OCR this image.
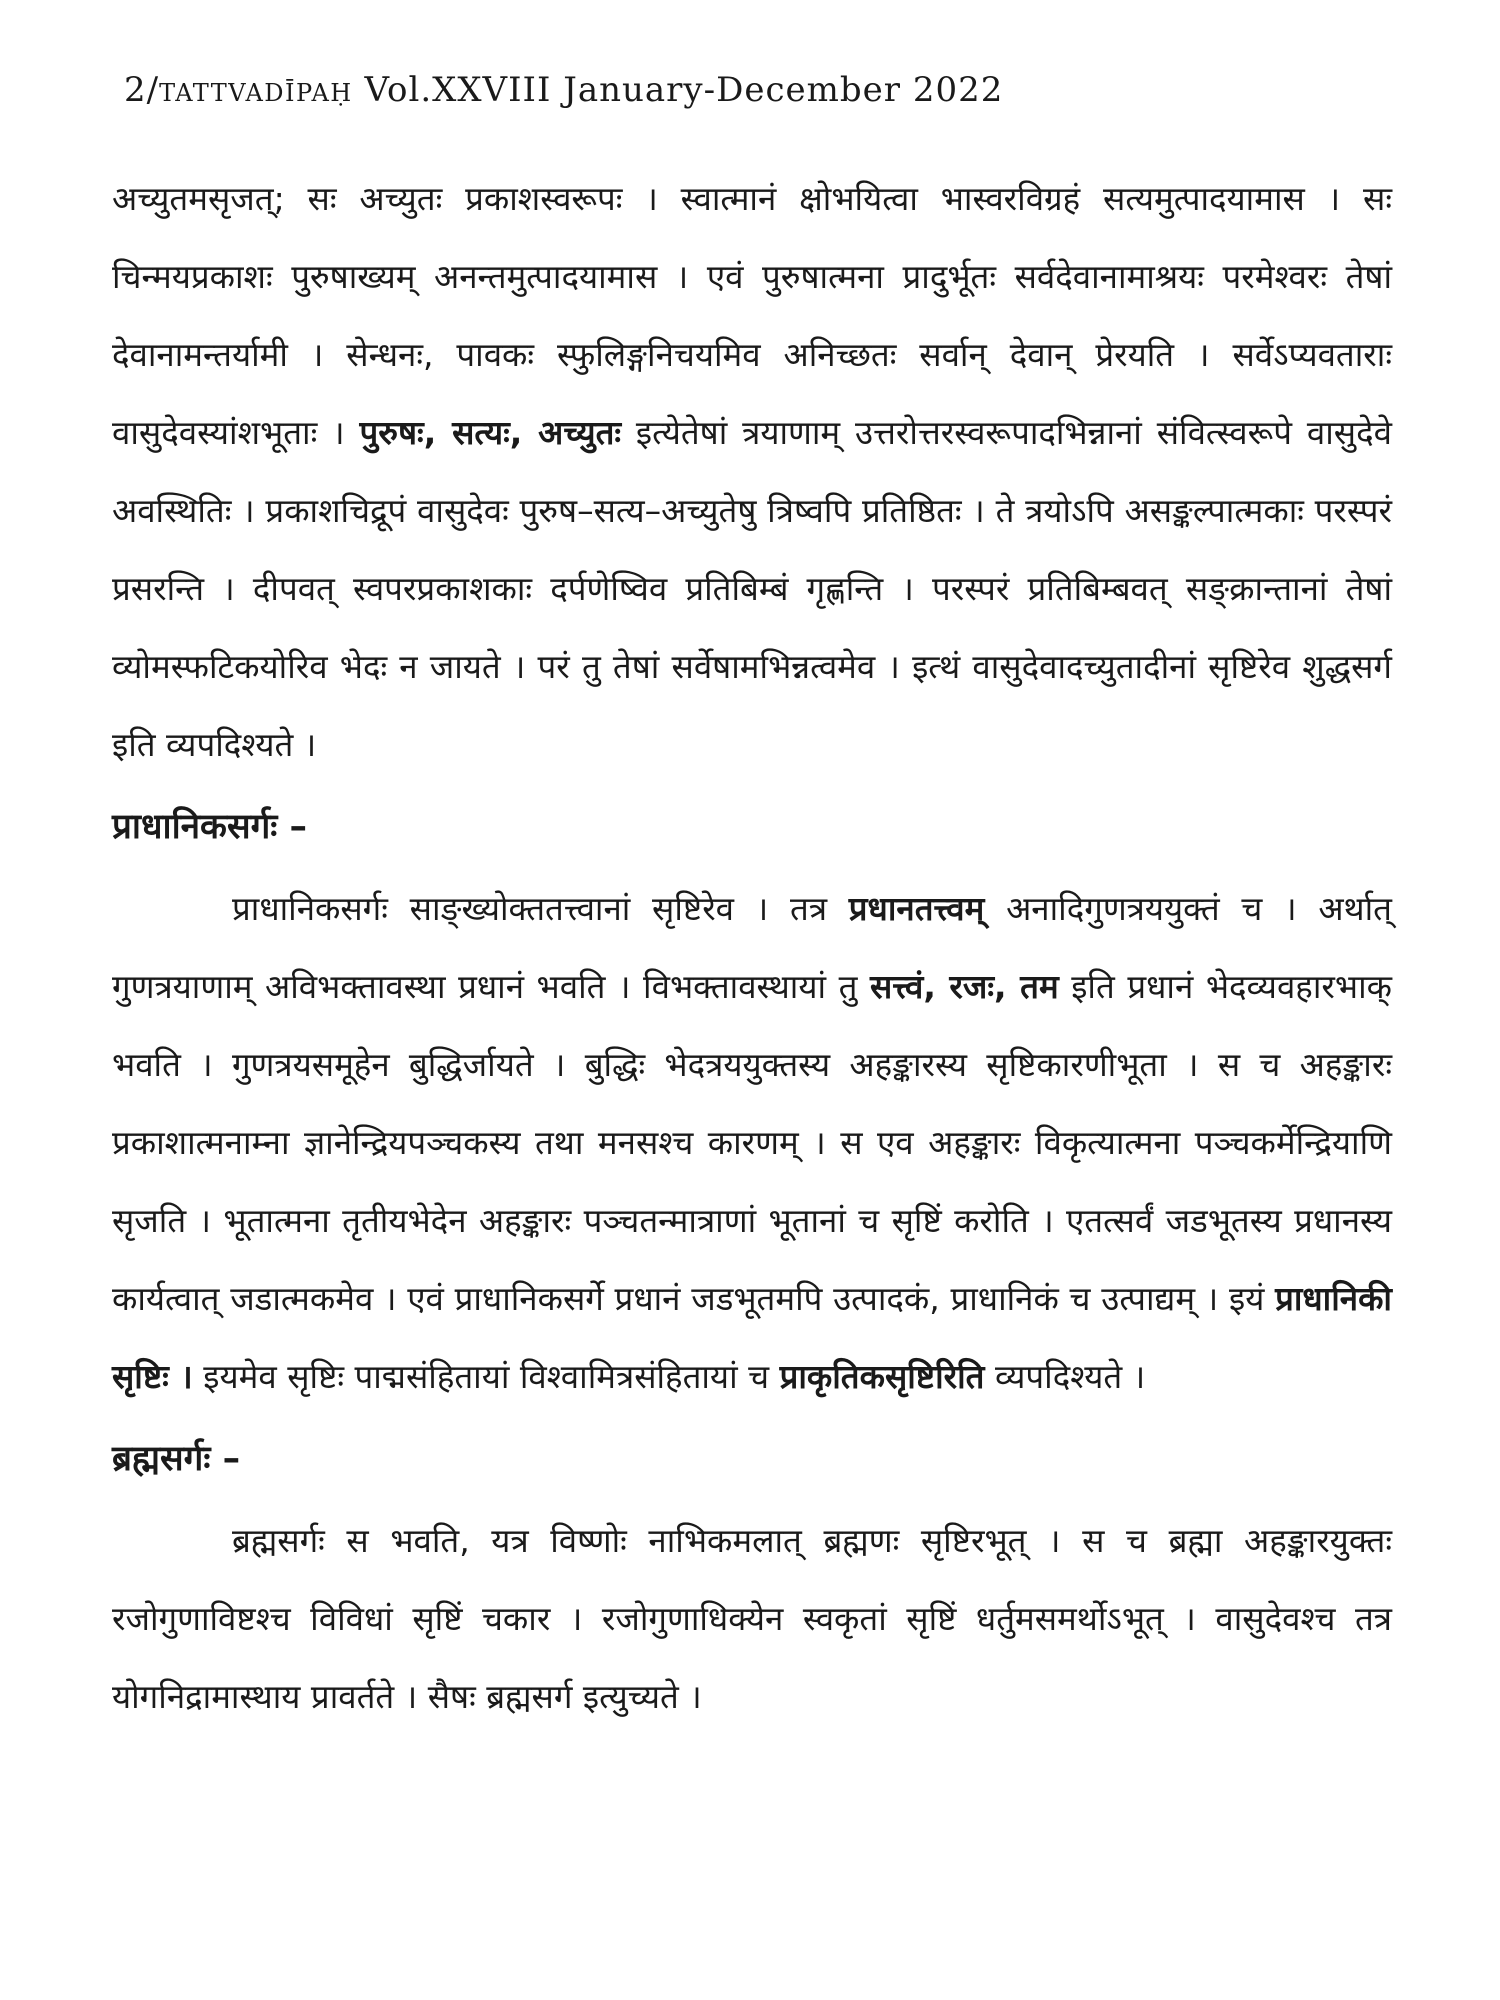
2/TATTVADĪPAḤ Vol.XXVIII January-December 2022

अच्युतमसृजत्; सः अच्युतः प्रकाशस्वरूपः । स्वात्मानं क्षोभयित्वा भास्वरविग्रहं सत्यमुत्पादयामास । सः चिन्मयप्रकाशः पुरुषाख्यम् अनन्तमुत्पादयामास । एवं पुरुषात्मना प्रादुर्भूतः सर्वदेवानामाश्रयः परमेश्वरः तेषां देवानामन्तर्यामी । सेन्धनः, पावकः स्फुलिङ्गनिचयमिव अनिच्छतः सर्वान् देवान् प्रेरयति । सर्वेऽप्यवताराः वासुदेवस्यांशभूताः । पुरुषः, सत्यः, अच्युतः इत्येतेषां त्रयाणाम् उत्तरोत्तरस्वरूपादभिन्नानां संवित्स्वरूपे वासुदेवे अवस्थितिः । प्रकाशचिद्रूपं वासुदेवः पुरुष–सत्य–अच्युतेषु त्रिष्वपि प्रतिष्ठितः । ते त्रयोऽपि असङ्कल्पात्मकाः परस्परं प्रसरन्ति । दीपवत् स्वपरप्रकाशकाः दर्पणेष्विव प्रतिबिम्बं गृह्णन्ति । परस्परं प्रतिबिम्बवत् सङ्क्रान्तानां तेषां व्योमस्फटिकयोरिव भेदः न जायते । परं तु तेषां सर्वेषामभिन्नत्वमेव । इत्थं वासुदेवादच्युतादीनां सृष्टिरेव शुद्धसर्ग इति व्यपदिश्यते ।

प्राधानिकसर्गः –

प्राधानिकसर्गः साङ्ख्योक्ततत्त्वानां सृष्टिरेव । तत्र प्रधानतत्त्वम् अनादिगुणत्रययुक्तं च । अर्थात् गुणत्रयाणाम् अविभक्तावस्था प्रधानं भवति । विभक्तावस्थायां तु सत्त्वं, रजः, तम इति प्रधानं भेदव्यवहारभाक् भवति । गुणत्रयसमूहेन बुद्धिर्जायते । बुद्धिः भेदत्रययुक्तस्य अहङ्कारस्य सृष्टिकारणीभूता । स च अहङ्कारः प्रकाशात्मनाम्ना ज्ञानेन्द्रियपञ्चकस्य तथा मनसश्च कारणम् । स एव अहङ्कारः विकृत्यात्मना पञ्चकर्मेन्द्रियाणि सृजति । भूतात्मना तृतीयभेदेन अहङ्कारः पञ्चतन्मात्राणां भूतानां च सृष्टिं करोति । एतत्सर्वं जडभूतस्य प्रधानस्य कार्यत्वात् जडात्मकमेव । एवं प्राधानिकसर्गे प्रधानं जडभूतमपि उत्पादकं, प्राधानिकं च उत्पाद्यम् । इयं प्राधानिकी सृष्टिः । इयमेव सृष्टिः पाद्मसंहितायां विश्वामित्रसंहितायां च प्राकृतिकसृष्टिरिति व्यपदिश्यते ।

ब्रह्मसर्गः –

ब्रह्मसर्गः स भवति, यत्र विष्णोः नाभिकमलात् ब्रह्मणः सृष्टिरभूत् । स च ब्रह्मा अहङ्कारयुक्तः रजोगुणाविष्टश्च विविधां सृष्टिं चकार । रजोगुणाधिक्येन स्वकृतां सृष्टिं धर्तुमसमर्थोऽभूत् । वासुदेवश्च तत्र योगनिद्रामास्थाय प्रावर्तते । सैषः ब्रह्मसर्ग इत्युच्यते ।
